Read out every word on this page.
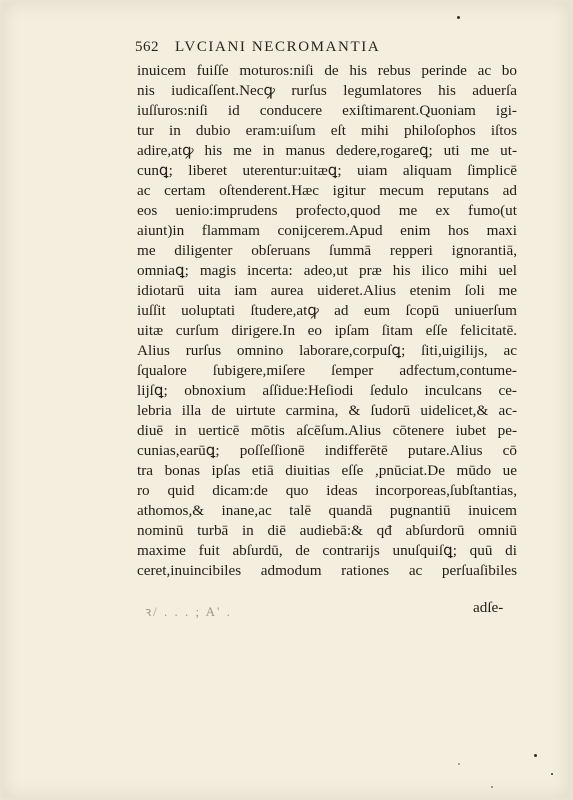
562 LVCIANI NECROMANTIA
inuicem fuiſſe moturos:niſi de his rebus perinde ac bo
nis iudicaſſent.Necꝙ rurſus legumlatores his aduerſa
iuſſuros:niſi id conducere exiſtimarent.Quoniam igi-
tur in dubio eram:uiſum eſt mihi philoſophos iſtos
adire,atꝙ his me in manus dedere,rogareꝗ; uti me ut-
cunꝗ; liberet uterentur:uitæꝗ; uiam aliquam ſimplicē
ac certam oſtenderent.Hæc igitur mecum reputans ad
eos uenio:imprudens profecto,quod me ex fumo(ut
aiunt)in flammam conijcerem.Apud enim hos maxi
me diligenter obſeruans ſummā repperi ignorantiā,
omniaꝗ; magis incerta: adeo,ut præ his ilico mihi uel
idiotarū uita iam aurea uideret.Alius etenim ſoli me
iuſſit uoluptati ſtudere,atꝙ ad eum ſcopū uniuerſum
uitæ curſum dirigere.In eo ipſam ſitam eſſe felicitatē.
Alius rurſus omnino laborare,corpuſꝗ; ſiti,uigilijs, ac
ſqualore ſubigere,miſere ſemper adfectum,contume-
lijſꝗ; obnoxium aſſidue:Heſiodi ſedulo inculcans ce-
lebria illa de uirtute carmina, & ſudorū uidelicet,& ac-
diuē in uerticē mōtis aſcēſum.Alius cōtenere iubet pe-
cunias,earūꝗ; poſſeſſionē indifferētē putare.Alius cō
tra bonas ipſas etiā diuitias eſſe ,pnūciat.De mūdo ue
ro quid dicam:de quo ideas incorporeas,ſubſtantias,
athomos,& inane,ac talē quandā pugnantiū inuicem
nominū turbā in diē audiebā:& qđ abſurdorū omniū
maxime fuit abſurdū, de contrarijs unuſquiſꝗ; quū di
ceret,inuincibiles admodum rationes ac perſuaſibiles
ꝛ/ . . . ; A' .	adſe-
